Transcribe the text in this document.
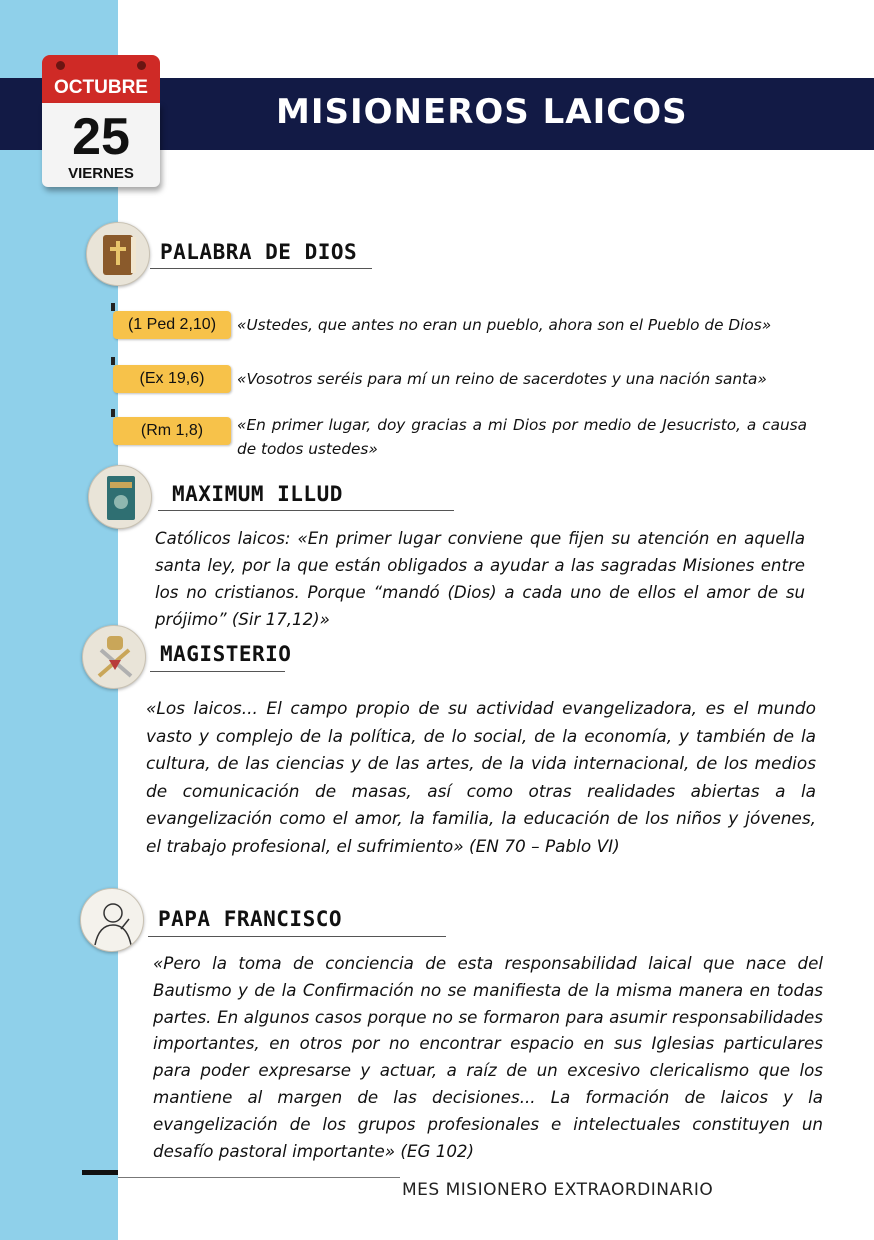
MISIONEROS LAICOS
OCTUBRE
25
VIERNES
PALABRA DE DIOS
(1 Ped 2,10)	«Ustedes, que antes no eran un pueblo, ahora son el Pueblo de Dios»
(Ex 19,6)	«Vosotros seréis para mí un reino de sacerdotes y una nación santa»
(Rm 1,8)	«En primer lugar, doy gracias a mi Dios por medio de Jesucristo, a causa de todos ustedes»
MAXIMUM ILLUD
Católicos laicos: «En primer lugar conviene que fijen su atención en aquella santa ley, por la que están obligados a ayudar a las sagradas Misiones entre los no cristianos. Porque “mandó (Dios) a cada uno de ellos el amor de su prójimo” (Sir 17,12)»
MAGISTERIO
«Los laicos... El campo propio de su actividad evangelizadora, es el mundo vasto y complejo de la política, de lo social, de la economía, y también de la cultura, de las ciencias y de las artes, de la vida internacional, de los medios de comunicación de masas, así como otras realidades abiertas a la evangelización como el amor, la familia, la educación de los niños y jóvenes, el trabajo profesional, el sufrimiento» (EN 70 – Pablo VI)
PAPA FRANCISCO
«Pero la toma de conciencia de esta responsabilidad laical que nace del Bautismo y de la Confirmación no se manifiesta de la misma manera en todas partes. En algunos casos porque no se formaron para asumir responsabilidades importantes, en otros por no encontrar espacio en sus Iglesias particulares para poder expresarse y actuar, a raíz de un excesivo clericalismo que los mantiene al margen de las decisiones... La formación de laicos y la evangelización de los grupos profesionales e intelectuales constituyen un desafío pastoral importante» (EG 102)
MES MISIONERO EXTRAORDINARIO
